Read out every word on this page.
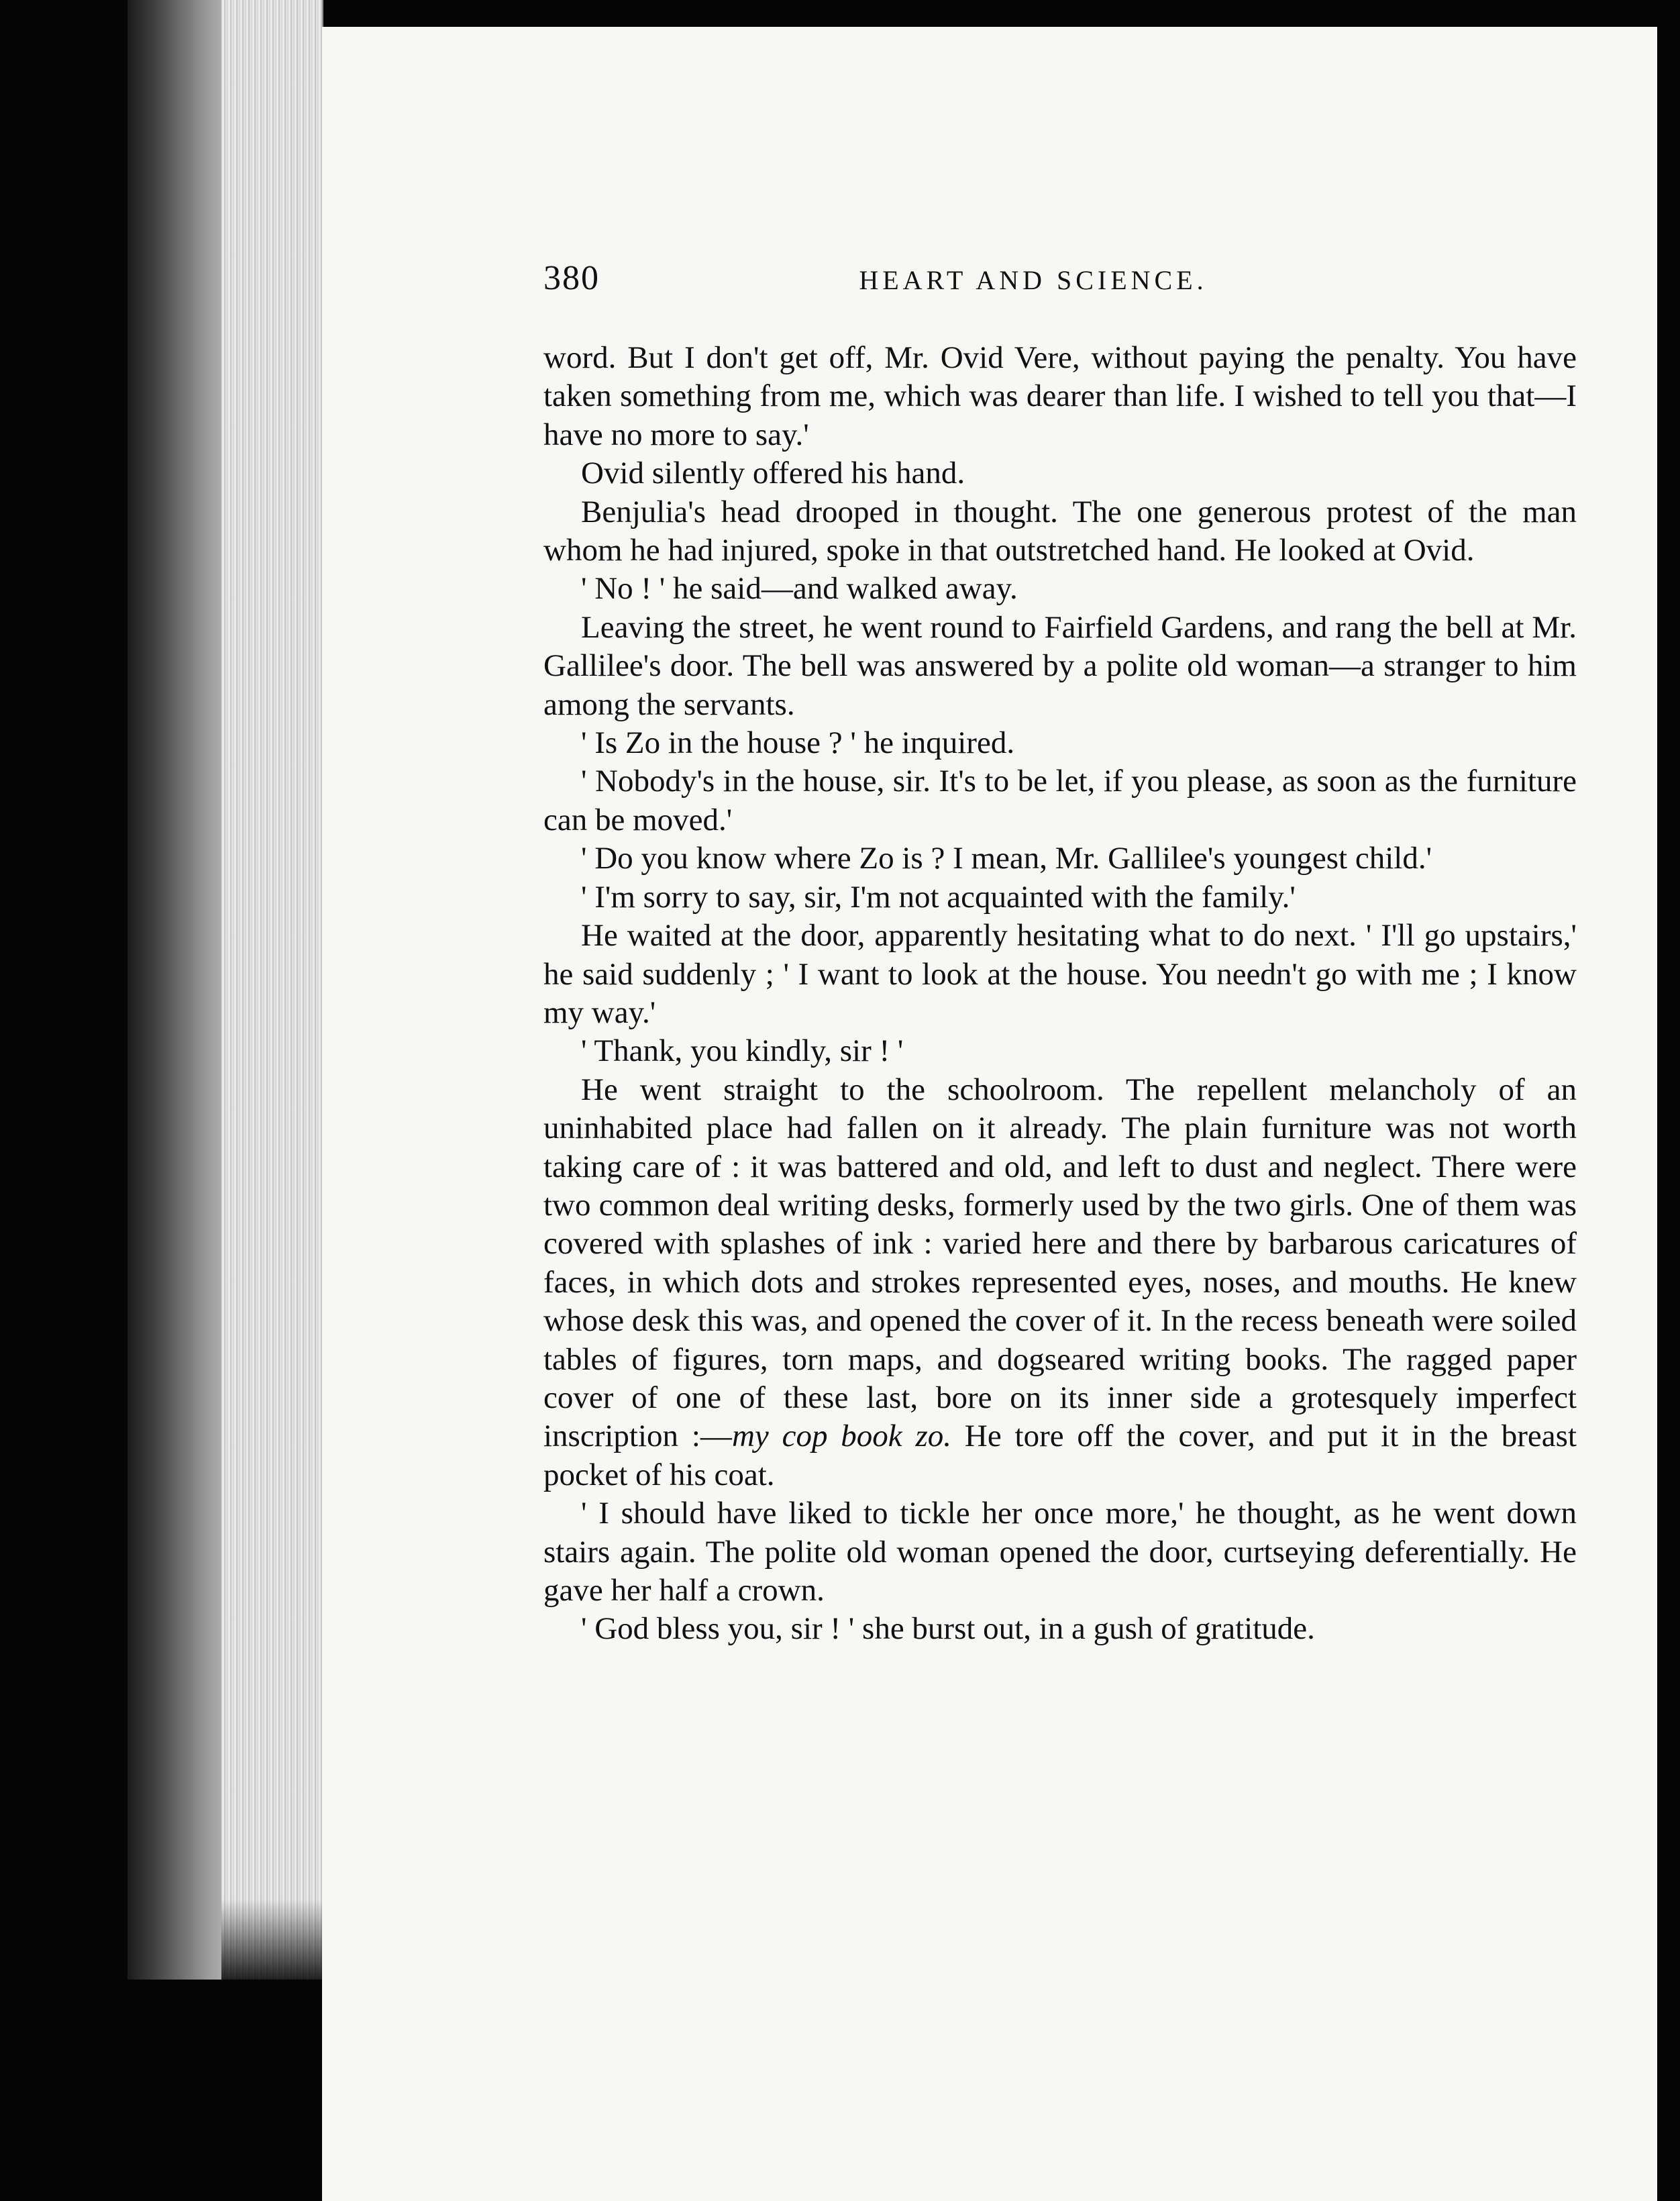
380	HEART AND SCIENCE.

word. But I don't get off, Mr. Ovid Vere, without paying the penalty. You have taken something from me, which was dearer than life. I wished to tell you that—I have no more to say.'

Ovid silently offered his hand.

Benjulia's head drooped in thought. The one generous protest of the man whom he had injured, spoke in that outstretched hand. He looked at Ovid.

' No ! ' he said—and walked away.

Leaving the street, he went round to Fairfield Gardens, and rang the bell at Mr. Gallilee's door. The bell was answered by a polite old woman—a stranger to him among the servants.

' Is Zo in the house ? ' he inquired.

' Nobody's in the house, sir. It's to be let, if you please, as soon as the furniture can be moved.'

' Do you know where Zo is ? I mean, Mr. Gallilee's youngest child.'

' I'm sorry to say, sir, I'm not acquainted with the family.'

He waited at the door, apparently hesitating what to do next. ' I'll go upstairs,' he said suddenly ; ' I want to look at the house. You needn't go with me ; I know my way.'

' Thank, you kindly, sir ! '

He went straight to the schoolroom. The repellent melancholy of an uninhabited place had fallen on it already. The plain furniture was not worth taking care of : it was battered and old, and left to dust and neglect. There were two common deal writing desks, formerly used by the two girls. One of them was covered with splashes of ink : varied here and there by barbarous caricatures of faces, in which dots and strokes represented eyes, noses, and mouths. He knew whose desk this was, and opened the cover of it. In the recess beneath were soiled tables of figures, torn maps, and dogseared writing books. The ragged paper cover of one of these last, bore on its inner side a grotesquely imperfect inscription :—my cop book zo. He tore off the cover, and put it in the breast pocket of his coat.

' I should have liked to tickle her once more,' he thought, as he went down stairs again. The polite old woman opened the door, curtseying deferentially. He gave her half a crown.

' God bless you, sir ! ' she burst out, in a gush of gratitude.
